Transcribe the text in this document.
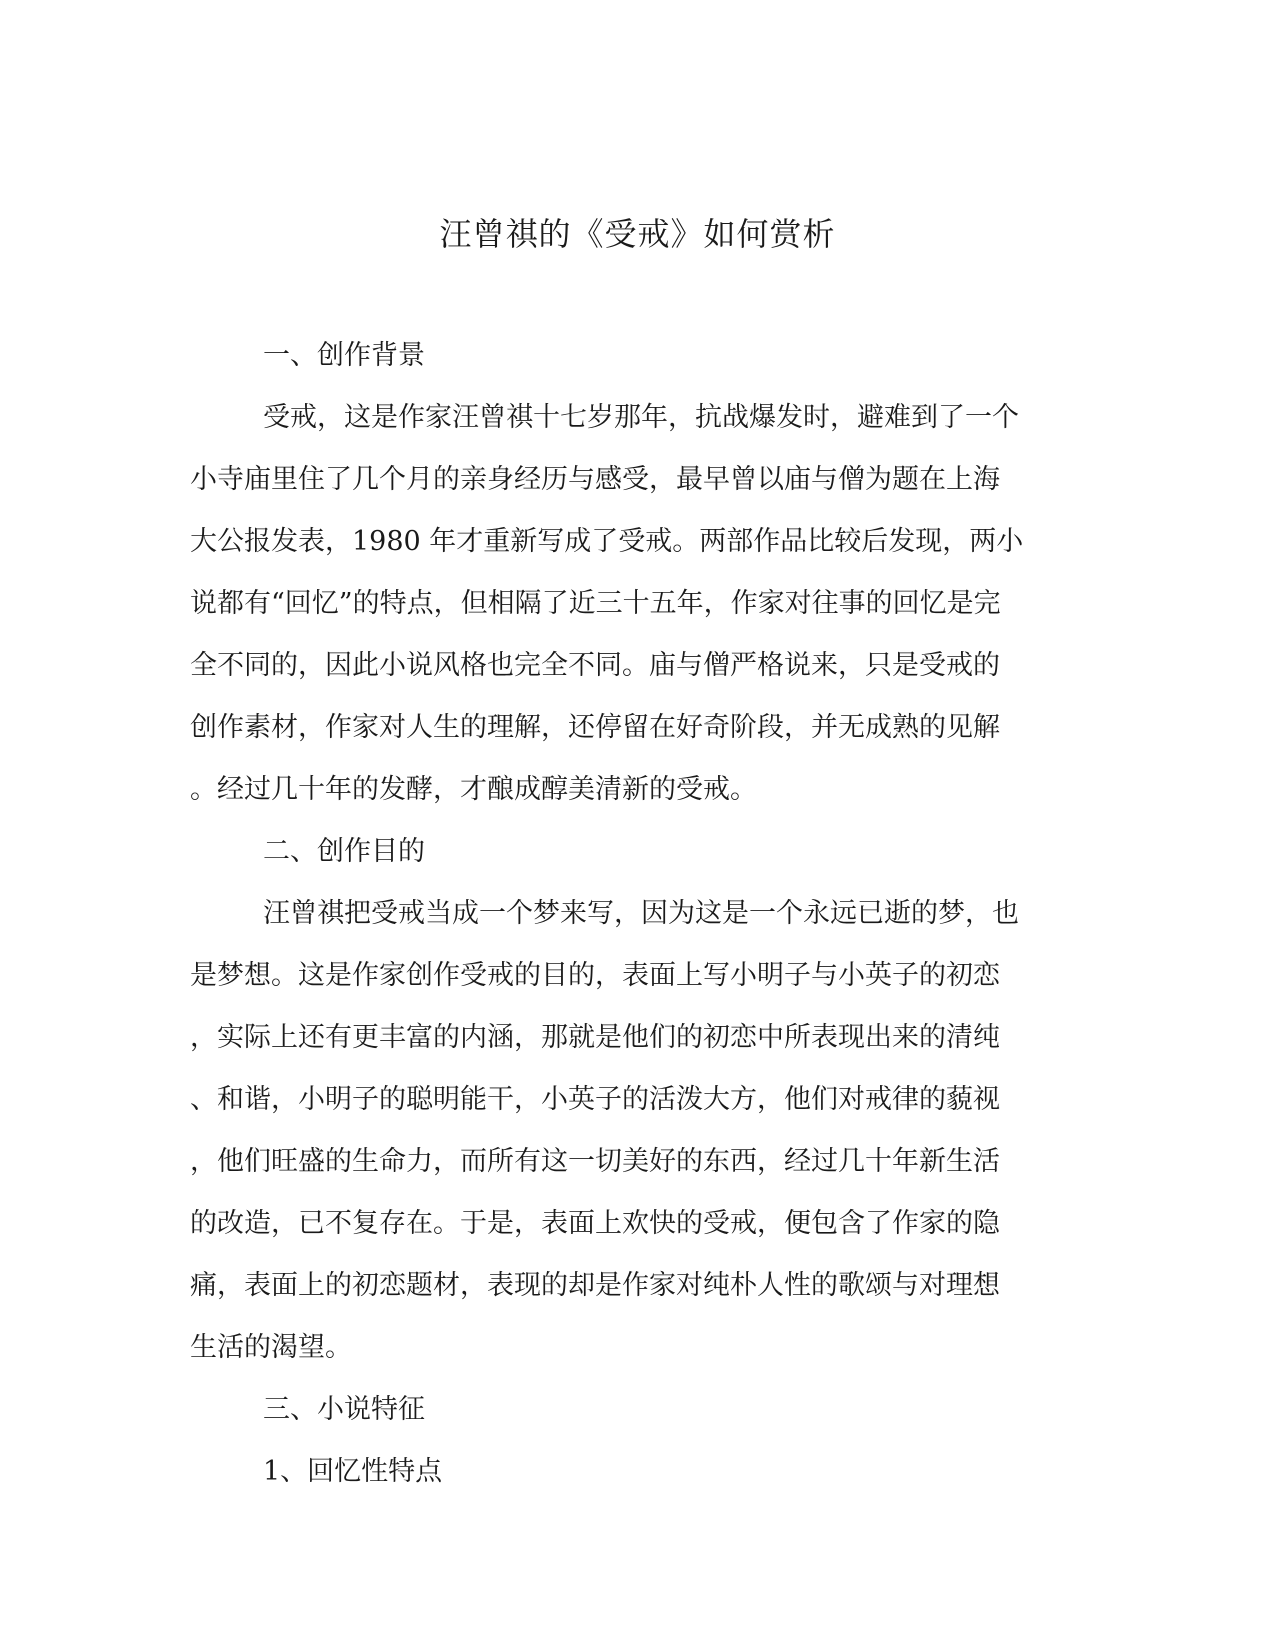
汪曾祺的《受戒》如何赏析
一、创作背景
受戒，这是作家汪曾祺十七岁那年，抗战爆发时，避难到了一个
小寺庙里住了几个月的亲身经历与感受，最早曾以庙与僧为题在上海
大公报发表，1980 年才重新写成了受戒。两部作品比较后发现，两小
说都有“回忆”的特点，但相隔了近三十五年，作家对往事的回忆是完
全不同的，因此小说风格也完全不同。庙与僧严格说来，只是受戒的
创作素材，作家对人生的理解，还停留在好奇阶段，并无成熟的见解
。经过几十年的发酵，才酿成醇美清新的受戒。
二、创作目的
汪曾祺把受戒当成一个梦来写，因为这是一个永远已逝的梦，也
是梦想。这是作家创作受戒的目的，表面上写小明子与小英子的初恋
，实际上还有更丰富的内涵，那就是他们的初恋中所表现出来的清纯
、和谐，小明子的聪明能干，小英子的活泼大方，他们对戒律的藐视
，他们旺盛的生命力，而所有这一切美好的东西，经过几十年新生活
的改造，已不复存在。于是，表面上欢快的受戒，便包含了作家的隐
痛，表面上的初恋题材，表现的却是作家对纯朴人性的歌颂与对理想
生活的渴望。
三、小说特征
1、回忆性特点
